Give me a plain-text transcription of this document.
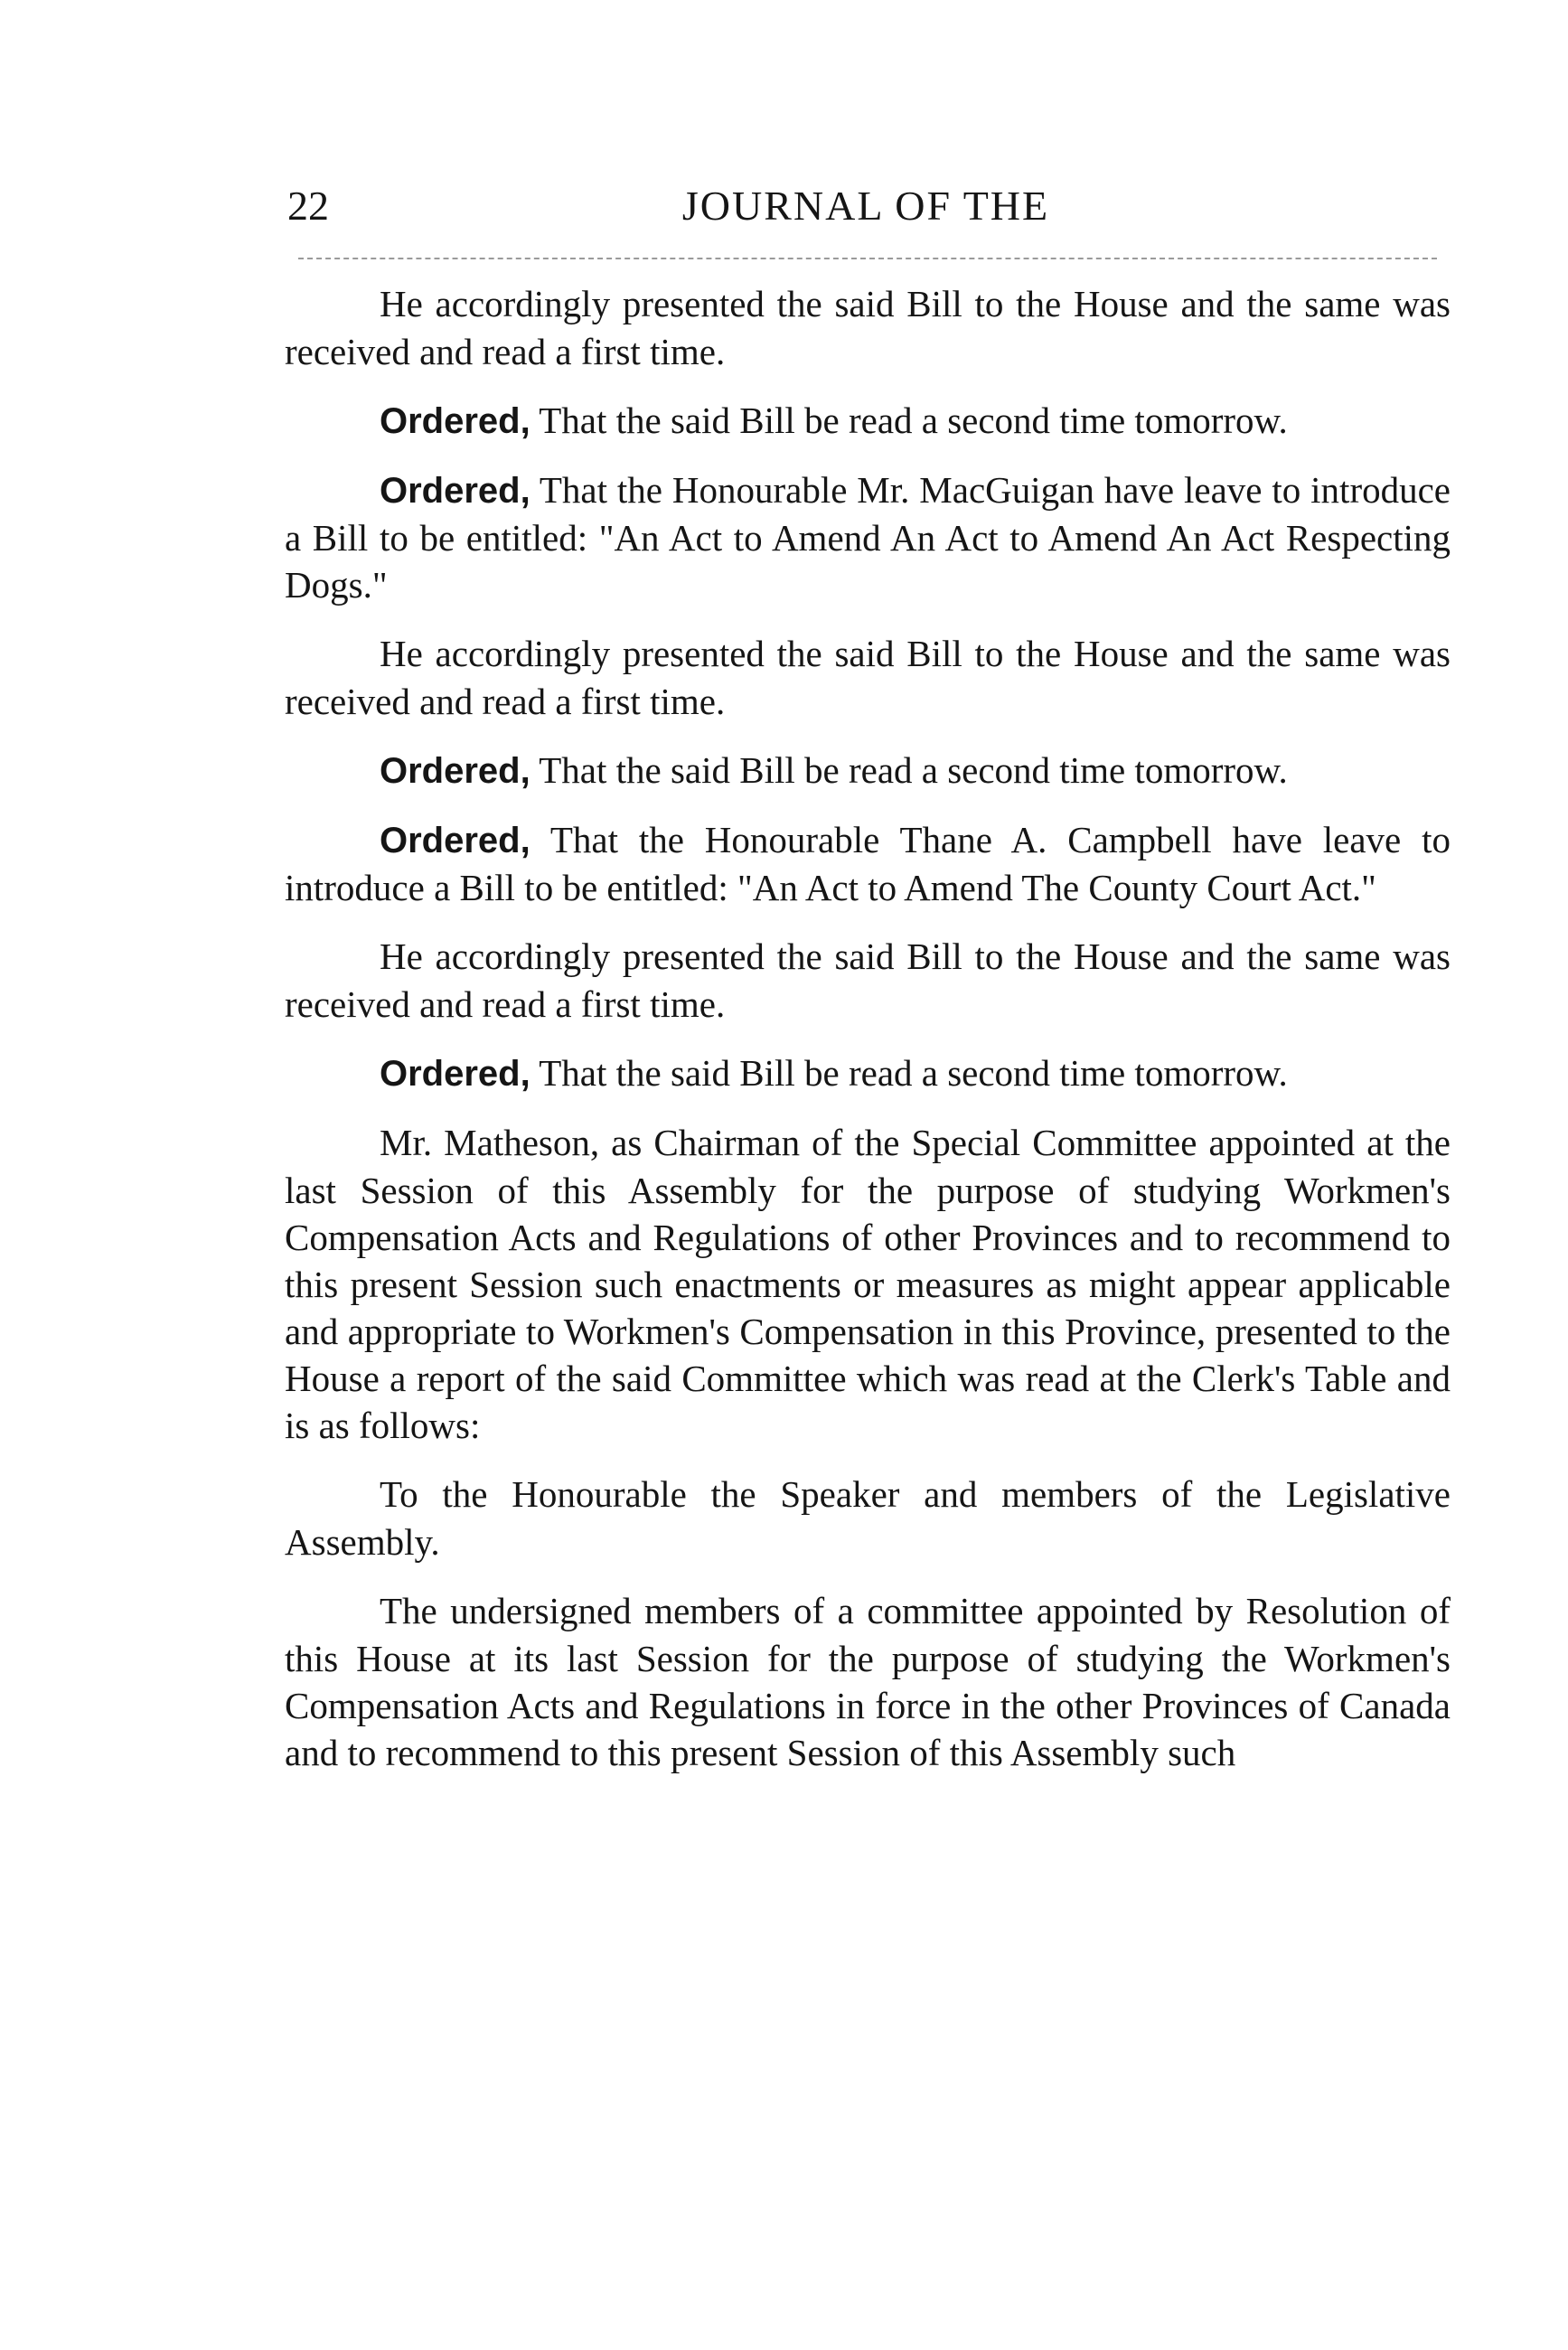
22	JOURNAL OF THE

He accordingly presented the said Bill to the House and the same was received and read a first time.

Ordered, That the said Bill be read a second time tomorrow.

Ordered, That the Honourable Mr. MacGuigan have leave to introduce a Bill to be entitled: "An Act to Amend An Act to Amend An Act Respecting Dogs."

He accordingly presented the said Bill to the House and the same was received and read a first time.

Ordered, That the said Bill be read a second time tomorrow.

Ordered, That the Honourable Thane A. Campbell have leave to introduce a Bill to be entitled: "An Act to Amend The County Court Act."

He accordingly presented the said Bill to the House and the same was received and read a first time.

Ordered, That the said Bill be read a second time tomorrow.

Mr. Matheson, as Chairman of the Special Committee appointed at the last Session of this Assembly for the purpose of studying Workmen's Compensation Acts and Regulations of other Provinces and to recommend to this present Session such enactments or measures as might appear applicable and appropriate to Workmen's Compensation in this Province, presented to the House a report of the said Committee which was read at the Clerk's Table and is as follows:

To the Honourable the Speaker and members of the Legislative Assembly.

The undersigned members of a committee appointed by Resolution of this House at its last Session for the purpose of studying the Workmen's Compensation Acts and Regulations in force in the other Provinces of Canada and to recommend to this present Session of this Assembly such
